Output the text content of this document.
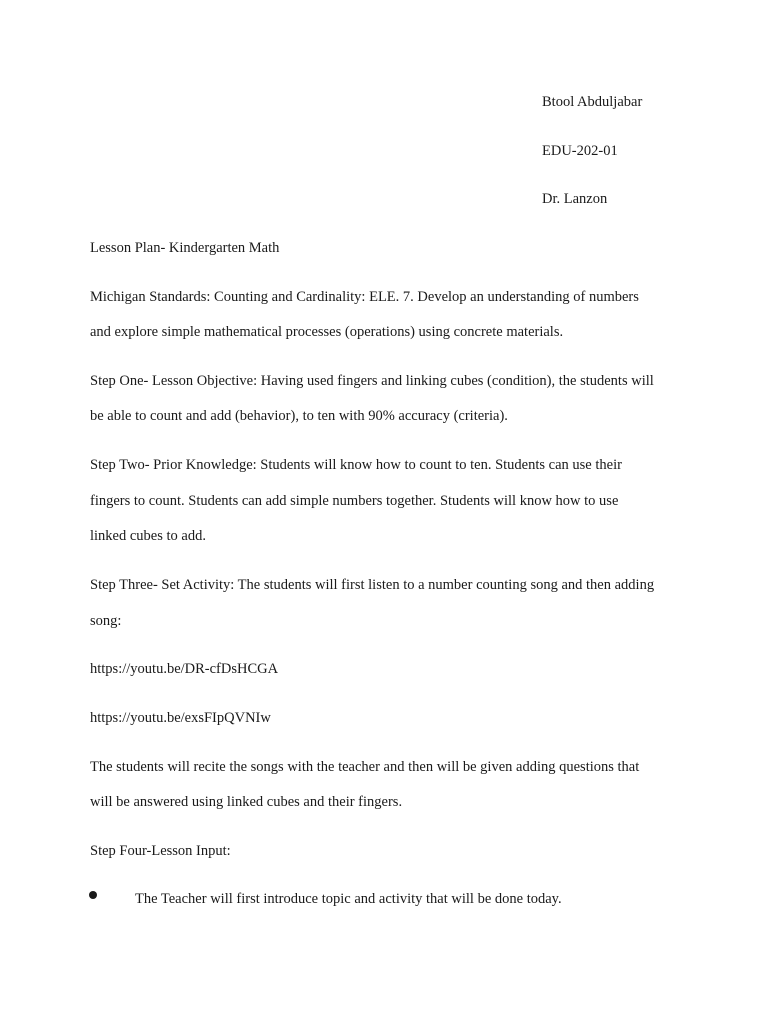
Btool Abduljabar
EDU-202-01
Dr. Lanzon
Lesson Plan- Kindergarten Math
Michigan Standards: Counting and Cardinality: ELE. 7. Develop an understanding of numbers
and explore simple mathematical processes (operations) using concrete materials.
Step One- Lesson Objective: Having used fingers and linking cubes (condition), the students will
be able to count and add (behavior), to ten with 90% accuracy (criteria).
Step Two- Prior Knowledge: Students will know how to count to ten. Students can use their
fingers to count. Students can add simple numbers together. Students will know how to use
linked cubes to add.
Step Three- Set Activity: The students will first listen to a number counting song and then adding
song:
https://youtu.be/DR-cfDsHCGA
https://youtu.be/exsFIpQVNIw
The students will recite the songs with the teacher and then will be given adding questions that
will be answered using linked cubes and their fingers.
Step Four-Lesson Input:
The Teacher will first introduce topic and activity that will be done today.
